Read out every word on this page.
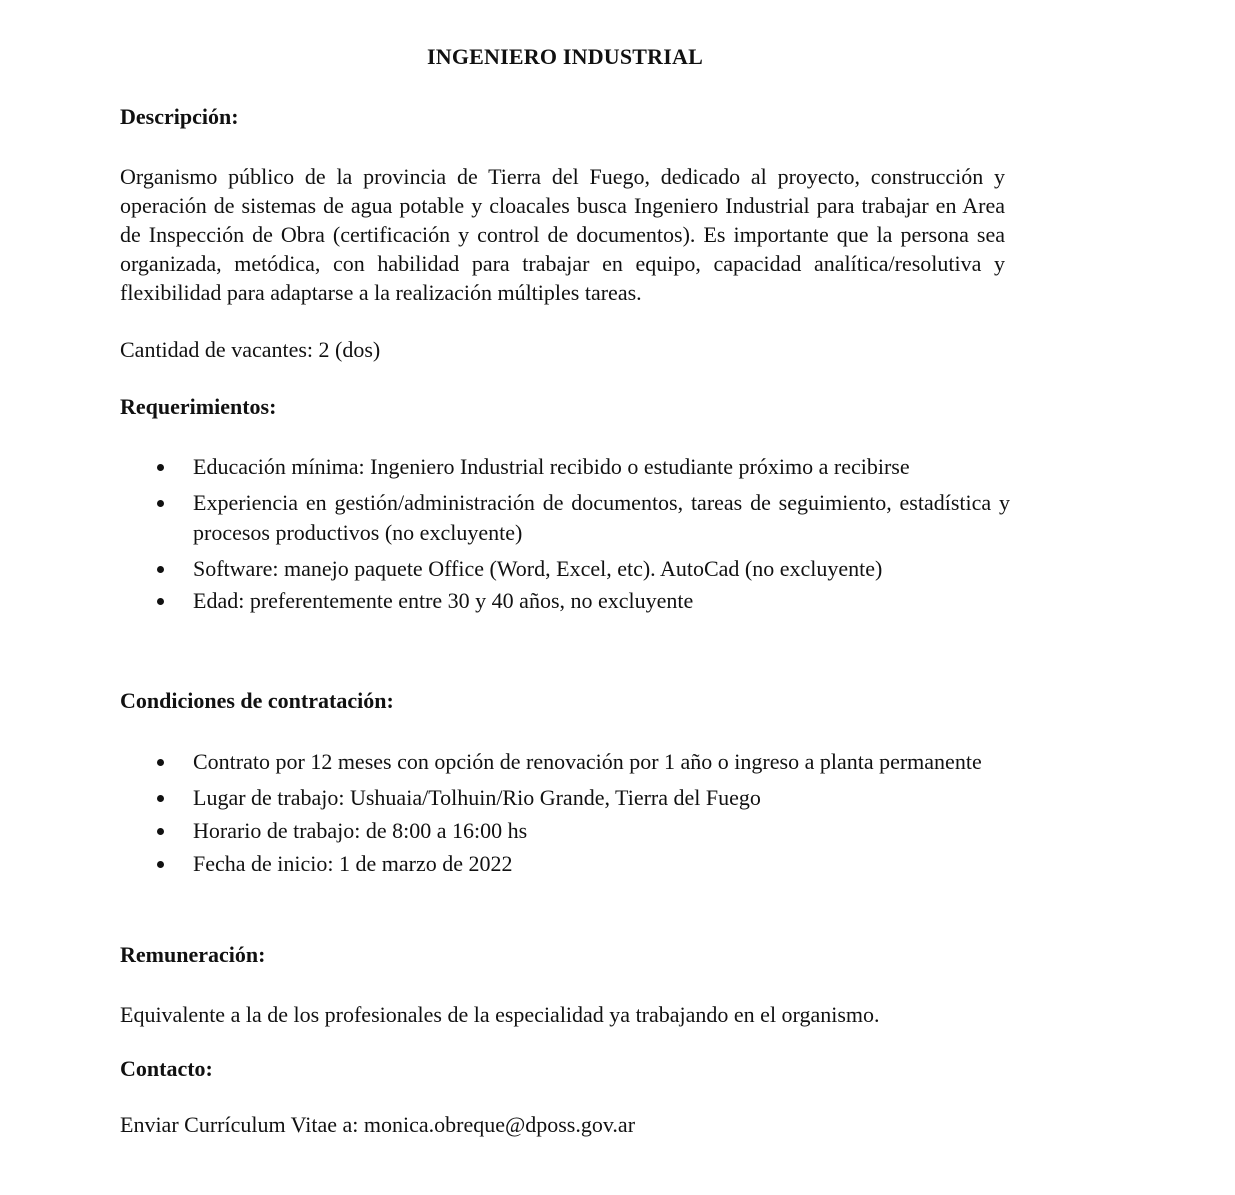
INGENIERO INDUSTRIAL
Descripción:
Organismo público de la provincia de Tierra del Fuego, dedicado al proyecto, construcción y operación de sistemas de agua potable y cloacales busca Ingeniero Industrial para trabajar en Area de Inspección de Obra (certificación y control de documentos). Es importante que la persona sea organizada, metódica, con habilidad para trabajar en equipo, capacidad analítica/resolutiva y flexibilidad para adaptarse a la realización múltiples tareas.
Cantidad de vacantes: 2 (dos)
Requerimientos:
Educación mínima: Ingeniero Industrial recibido o estudiante próximo a recibirse
Experiencia en gestión/administración de documentos, tareas de seguimiento, estadística y procesos productivos (no excluyente)
Software: manejo paquete Office (Word, Excel, etc). AutoCad (no excluyente)
Edad: preferentemente entre 30 y 40 años, no excluyente
Condiciones de contratación:
Contrato por 12 meses con opción de renovación por 1 año o ingreso a planta permanente
Lugar de trabajo: Ushuaia/Tolhuin/Rio Grande, Tierra del Fuego
Horario de trabajo: de 8:00 a 16:00 hs
Fecha de inicio: 1 de marzo de 2022
Remuneración:
Equivalente a la de los profesionales de la especialidad ya trabajando en el organismo.
Contacto:
Enviar Currículum Vitae a: monica.obreque@dposs.gov.ar
